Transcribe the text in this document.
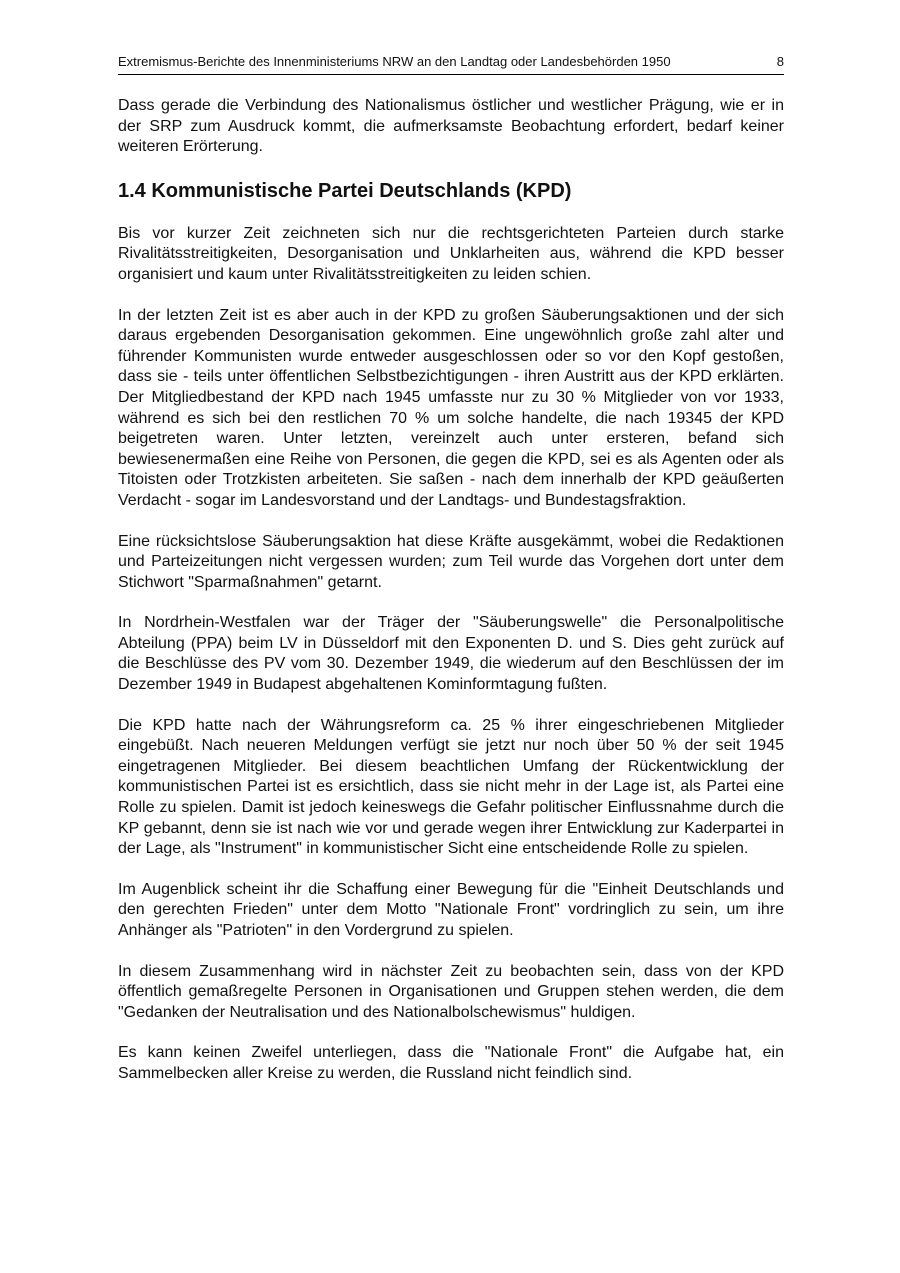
Extremismus-Berichte des Innenministeriums NRW an den Landtag oder Landesbehörden 1950	8

Dass gerade die Verbindung des Nationalismus östlicher und westlicher Prägung, wie er in der SRP zum Ausdruck kommt, die aufmerksamste Beobachtung erfordert, bedarf keiner weiteren Erörterung.

1.4 Kommunistische Partei Deutschlands (KPD)

Bis vor kurzer Zeit zeichneten sich nur die rechtsgerichteten Parteien durch starke Rivalitätsstreitigkeiten, Desorganisation und Unklarheiten aus, während die KPD besser organisiert und kaum unter Rivalitätsstreitigkeiten zu leiden schien.

In der letzten Zeit ist es aber auch in der KPD zu großen Säuberungsaktionen und der sich daraus ergebenden Desorganisation gekommen. Eine ungewöhnlich große zahl alter und führender Kommunisten wurde entweder ausgeschlossen oder so vor den Kopf gestoßen, dass sie - teils unter öffentlichen Selbstbezichtigungen - ihren Austritt aus der KPD erklärten. Der Mitgliedbestand der KPD nach 1945 umfasste nur zu 30 % Mitglieder von vor 1933, während es sich bei den restlichen 70 % um solche handelte, die nach 19345 der KPD beigetreten waren. Unter letzten, vereinzelt auch unter ersteren, befand sich bewiesenermaßen eine Reihe von Personen, die gegen die KPD, sei es als Agenten oder als Titoisten oder Trotzkisten arbeiteten. Sie saßen - nach dem innerhalb der KPD geäußerten Verdacht - sogar im Landesvorstand und der Landtags- und Bundestagsfraktion.

Eine rücksichtslose Säuberungsaktion hat diese Kräfte ausgekämmt, wobei die Redaktionen und Parteizeitungen nicht vergessen wurden; zum Teil wurde das Vorgehen dort unter dem Stichwort "Sparmaßnahmen" getarnt.

In Nordrhein-Westfalen war der Träger der "Säuberungswelle" die Personalpolitische Abteilung (PPA) beim LV in Düsseldorf mit den Exponenten D. und S. Dies geht zurück auf die Beschlüsse des PV vom 30. Dezember 1949, die wiederum auf den Beschlüssen der im Dezember 1949 in Budapest abgehaltenen Kominformtagung fußten.

Die KPD hatte nach der Währungsreform ca. 25 % ihrer eingeschriebenen Mitglieder eingebüßt. Nach neueren Meldungen verfügt sie jetzt nur noch über 50 % der seit 1945 eingetragenen Mitglieder. Bei diesem beachtlichen Umfang der Rückentwicklung der kommunistischen Partei ist es ersichtlich, dass sie nicht mehr in der Lage ist, als Partei eine Rolle zu spielen. Damit ist jedoch keineswegs die Gefahr politischer Einflussnahme durch die KP gebannt, denn sie ist nach wie vor und gerade wegen ihrer Entwicklung zur Kaderpartei in der Lage, als "Instrument" in kommunistischer Sicht eine entscheidende Rolle zu spielen.

Im Augenblick scheint ihr die Schaffung einer Bewegung für die "Einheit Deutschlands und den gerechten Frieden" unter dem Motto "Nationale Front" vordringlich zu sein, um ihre Anhänger als "Patrioten" in den Vordergrund zu spielen.

In diesem Zusammenhang wird in nächster Zeit zu beobachten sein, dass von der KPD öffentlich gemaßregelte Personen in Organisationen und Gruppen stehen werden, die dem "Gedanken der Neutralisation und des Nationalbolschewismus" huldigen.

Es kann keinen Zweifel unterliegen, dass die "Nationale Front" die Aufgabe hat, ein Sammelbecken aller Kreise zu werden, die Russland nicht feindlich sind.
